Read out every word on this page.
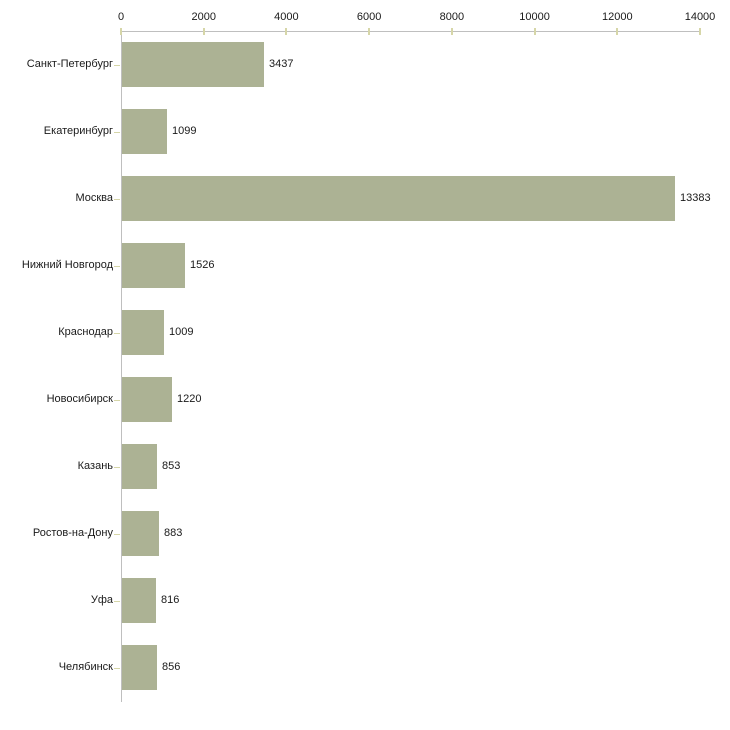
0	2000	4000	6000	8000	10000	12000	14000
Санкт-Петербург	3437
Екатеринбург	1099
Москва	13383
Нижний Новгород	1526
Краснодар	1009
Новосибирск	1220
Казань	853
Ростов-на-Дону	883
Уфа	816
Челябинск	856
